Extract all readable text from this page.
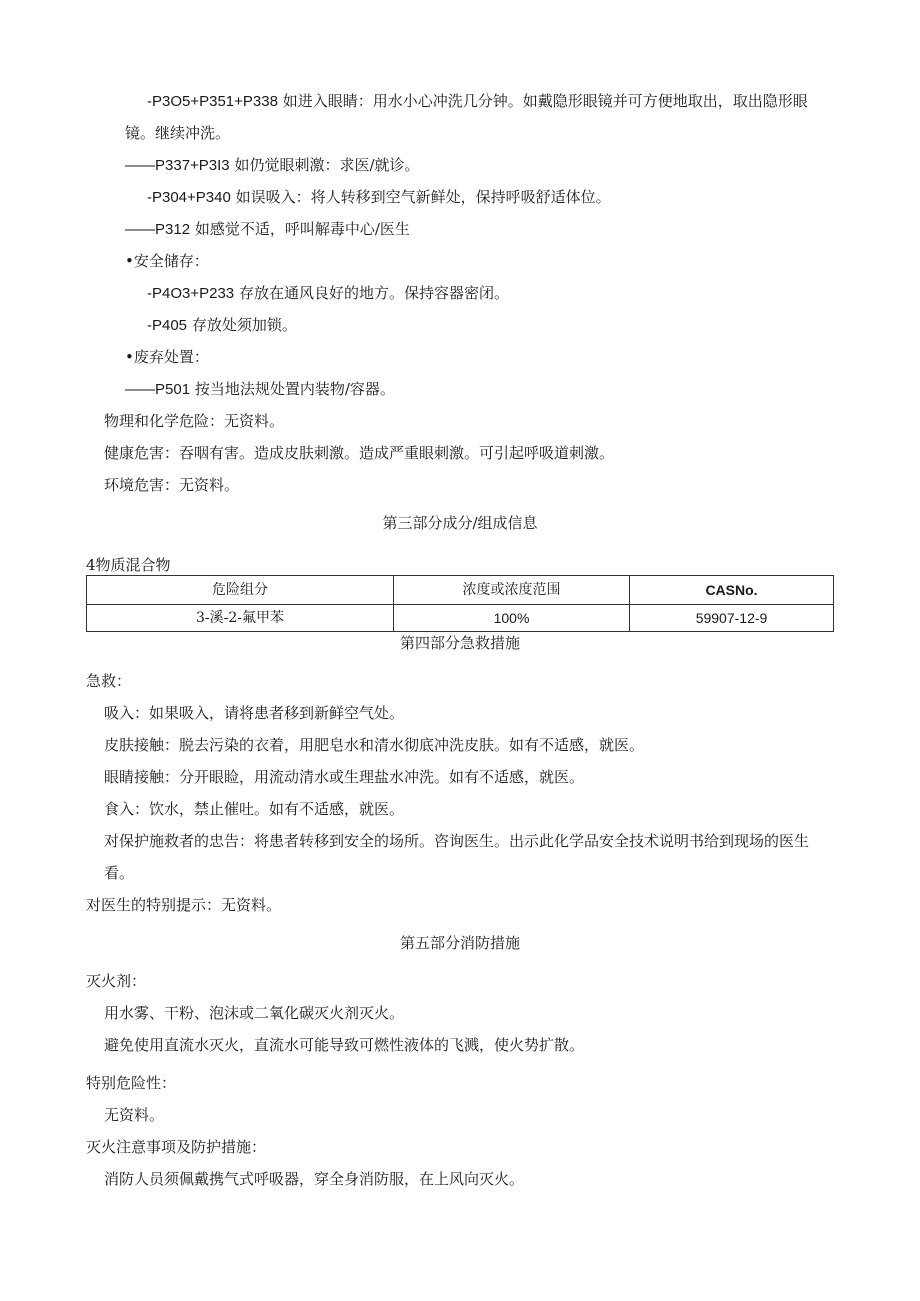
-P3O5+P351+P338 如进入眼睛：用水小心冲洗几分钟。如戴隐形眼镜并可方便地取出，取出隐形眼
镜。继续冲洗。
——P337+P3I3 如仍觉眼刺激：求医/就诊。
-P304+P340 如误吸入：将人转移到空气新鲜处，保持呼吸舒适体位。
——P312 如感觉不适，呼叫解毒中心/医生
•安全储存：
-P4O3+P233 存放在通风良好的地方。保持容器密闭。
-P405 存放处须加锁。
•废弃处置：
——P501 按当地法规处置内装物/容器。
物理和化学危险：无资料。
健康危害：吞咽有害。造成皮肤刺激。造成严重眼刺激。可引起呼吸道刺激。
环境危害：无资料。
第三部分成分/组成信息
4物质混合物
危险组分	浓度或浓度范围	CASNo.
3-溪-2-氟甲苯	100%	59907-12-9
第四部分急救措施
急救：
吸入：如果吸入，请将患者移到新鲜空气处。
皮肤接触：脱去污染的衣着，用肥皂水和清水彻底冲洗皮肤。如有不适感，就医。
眼睛接触：分开眼睑，用流动清水或生理盐水冲洗。如有不适感，就医。
食入：饮水，禁止催吐。如有不适感，就医。
对保护施救者的忠告：将患者转移到安全的场所。咨询医生。出示此化学品安全技术说明书给到现场的医生
看。
对医生的特别提示：无资料。
第五部分消防措施
灭火剂：
用水雾、干粉、泡沫或二氧化碳灭火剂灭火。
避免使用直流水灭火，直流水可能导致可燃性液体的飞溅，使火势扩散。
特别危险性：
无资料。
灭火注意事项及防护措施：
消防人员须佩戴携气式呼吸器，穿全身消防服，在上风向灭火。
